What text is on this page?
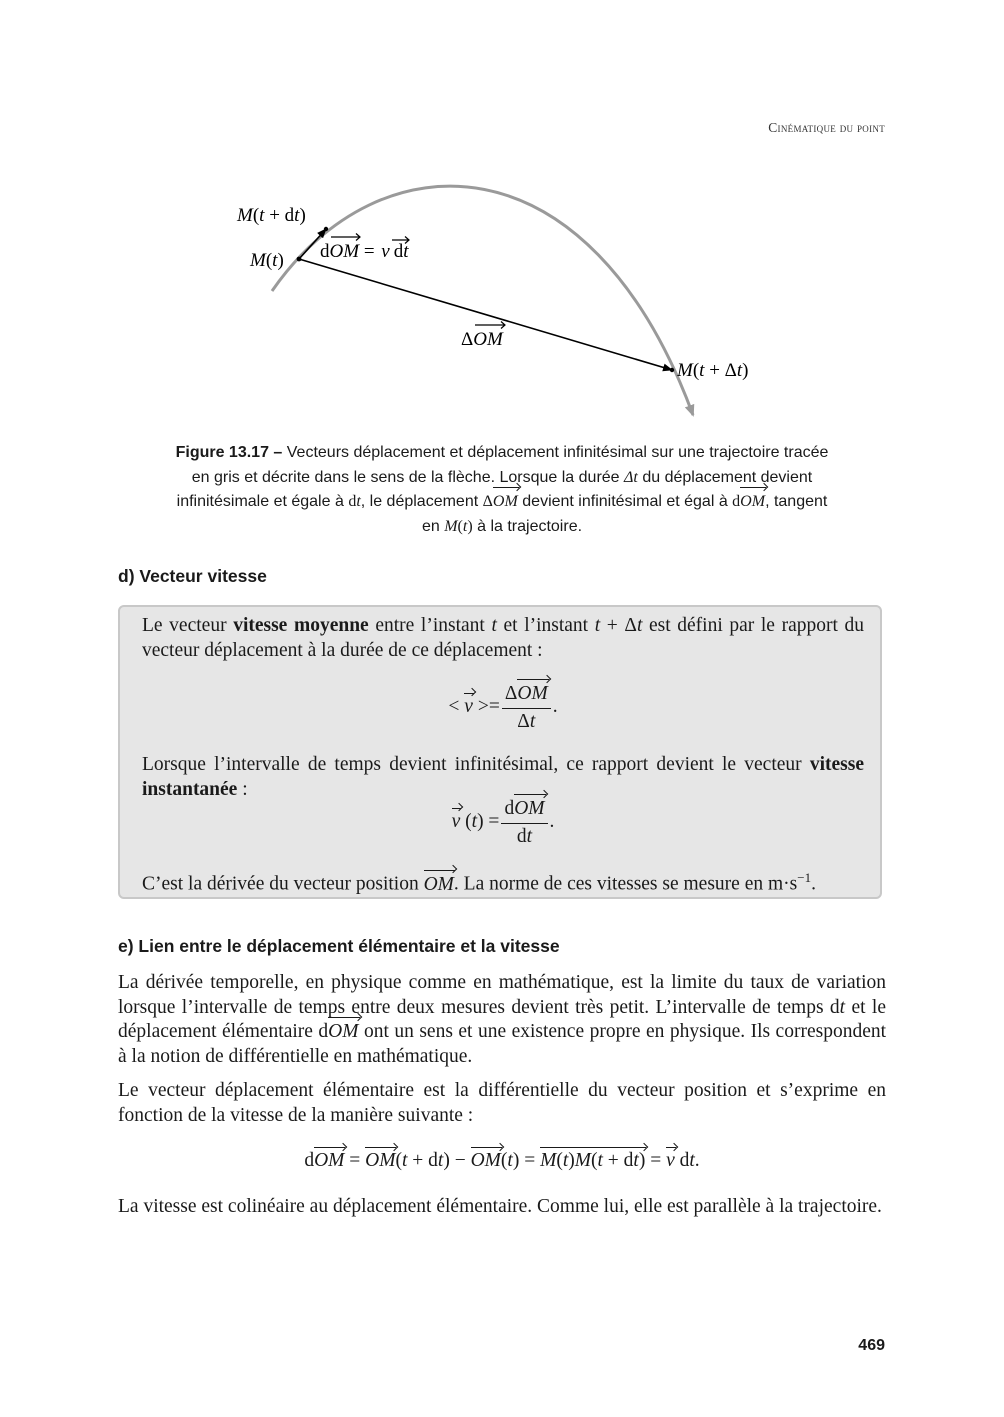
Cinématique du point
M(t + dt)
M(t) dOM = v dt
ΔOM
M(t + Δt)
Figure 13.17 – Vecteurs déplacement et déplacement infinitésimal sur une trajectoire tracée en gris et décrite dans le sens de la flèche. Lorsque la durée Δt du déplacement devient infinitésimale et égale à dt, le déplacement ΔOM devient infinitésimal et égal à dOM, tangent en M(t) à la trajectoire.
d) Vecteur vitesse
Le vecteur vitesse moyenne entre l’instant t et l’instant t + Δt est défini par le rapport du vecteur déplacement à la durée de ce déplacement :
< $v >= \frac{\text{ΔOM}}{\Delta t}$ .
Lorsque l’intervalle de temps devient infinitésimal, ce rapport devient le vecteur vitesse instantanée :
v $(t) = \frac{\text{dOM}}{dt}$ .
C’est la dérivée du vecteur position OM. La norme de ces vitesses se mesure en $m\cdot s^{-1}$.
e) Lien entre le déplacement élémentaire et la vitesse
La dérivée temporelle, en physique comme en mathématique, est la limite du taux de variation lorsque l’intervalle de temps entre deux mesures devient très petit. L’intervalle de temps dt et le déplacement élémentaire dOM ont un sens et une existence propre en physique. Ils correspondent à la notion de différentielle en mathématique.
Le vecteur déplacement élémentaire est la différentielle du vecteur position et s’exprime en fonction de la vitesse de la manière suivante :
dOM = OM(t + dt) − OM(t) = M(t)M(t + dt) = v dt.
La vitesse est colinéaire au déplacement élémentaire. Comme lui, elle est parallèle à la trajectoire.
469
